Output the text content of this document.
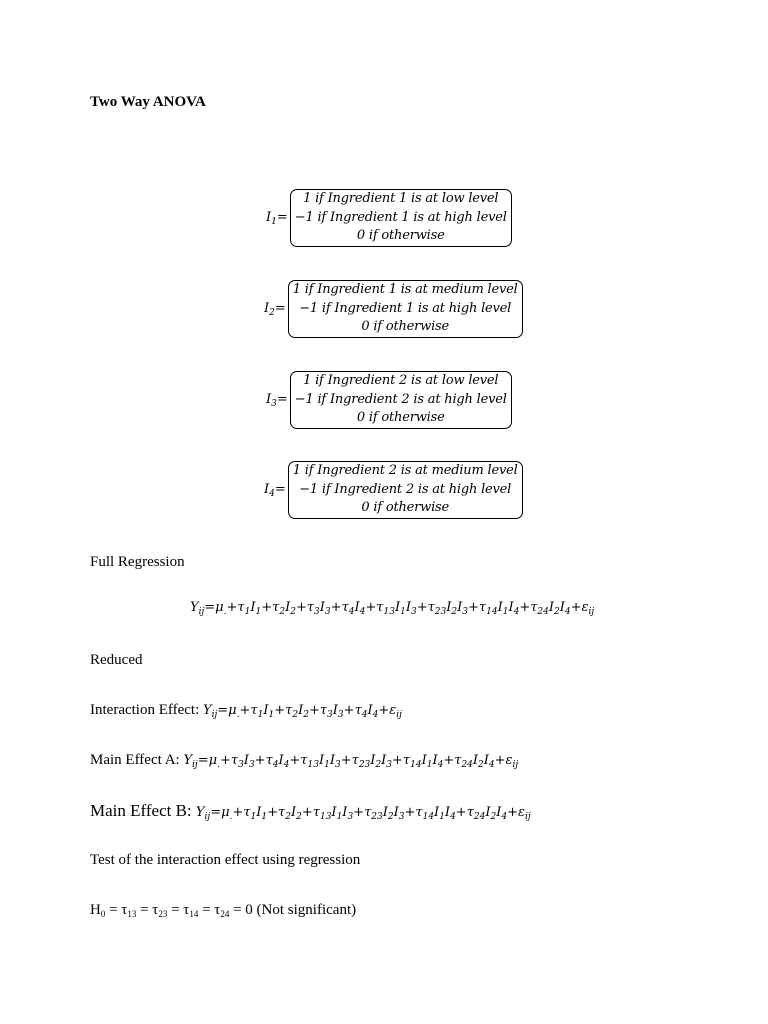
Two Way ANOVA
$I_1=$
1 if Ingredient 1 is at low level
−1 if Ingredient 1 is at high level
0 if otherwise
$I_2=$
1 if Ingredient 1 is at medium level
−1 if Ingredient 1 is at high level
0 if otherwise
$I_3=$
1 if Ingredient 2 is at low level
−1 if Ingredient 2 is at high level
0 if otherwise
$I_4=$
1 if Ingredient 2 is at medium level
−1 if Ingredient 2 is at high level
0 if otherwise
Full Regression
$Y_{ij}=\mu_.+\tau_1I_1+\tau_2I_2+\tau_3I_3+\tau_4I_4+\tau_{13}I_1I_3+\tau_{23}I_2I_3+\tau_{14}I_1I_4+\tau_{24}I_2I_4+\varepsilon_{ij}$
Reduced
Interaction Effect: $Y_{ij}=\mu_.+\tau_1I_1+\tau_2I_2+\tau_3I_3+\tau_4I_4+\varepsilon_{ij}$
Main Effect A: $Y_{ij}=\mu_.+\tau_3I_3+\tau_4I_4+\tau_{13}I_1I_3+\tau_{23}I_2I_3+\tau_{14}I_1I_4+\tau_{24}I_2I_4+\varepsilon_{ij}$
Main Effect B: $Y_{ij}=\mu_.+\tau_1I_1+\tau_2I_2+\tau_{13}I_1I_3+\tau_{23}I_2I_3+\tau_{14}I_1I_4+\tau_{24}I_2I_4+\varepsilon_{ij}$
Test of the interaction effect using regression
$H_0 = \tau_{13} = \tau_{23} = \tau_{14} = \tau_{24} = 0$ (Not significant)
